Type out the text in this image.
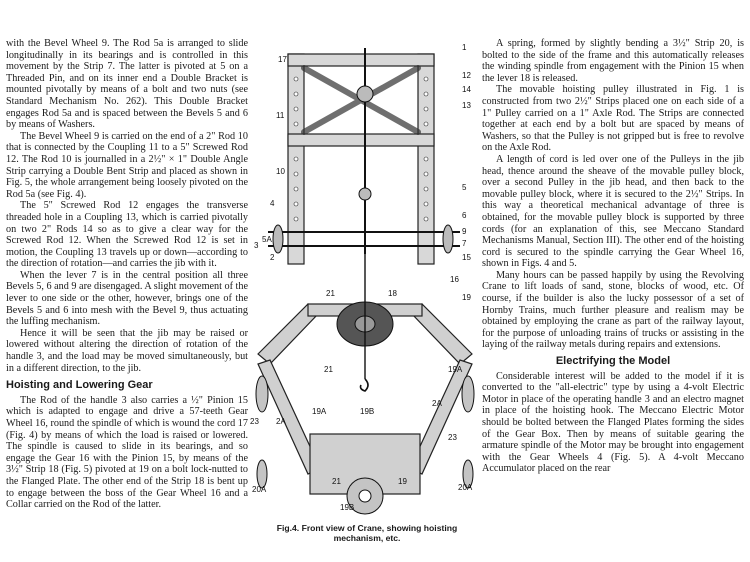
with the Bevel Wheel 9. The Rod 5a is arranged to slide longitudinally in its bearings and is controlled in this movement by the Strip 7. The latter is pivoted at 5 on a Threaded Pin, and on its inner end a Double Bracket is mounted pivotally by means of a bolt and two nuts (see Standard Mechanism No. 262). This Double Bracket engages Rod 5a and is spaced between the Bevels 5 and 6 by means of Washers.

The Bevel Wheel 9 is carried on the end of a 2" Rod 10 that is connected by the Coupling 11 to a 5" Screwed Rod 12. The Rod 10 is journalled in a 2½" × 1" Double Angle Strip carrying a Double Bent Strip and placed as shown in Fig. 5, the whole arrangement being loosely pivoted on the Rod 5a (see Fig. 4).

The 5" Screwed Rod 12 engages the transverse threaded hole in a Coupling 13, which is carried pivotally on two 2" Rods 14 so as to give a clear way for the Screwed Rod 12. When the Screwed Rod 12 is set in motion, the Coupling 13 travels up or down—according to the direction of rotation—and carries the jib with it.

When the lever 7 is in the central position all three Bevels 5, 6 and 9 are disengaged. A slight movement of the lever to one side or the other, however, brings one of the Bevels 5 and 6 into mesh with the Bevel 9, thus actuating the luffing mechanism.

Hence it will be seen that the jib may be raised or lowered without altering the direction of rotation of the handle 3, and the load may be moved simultaneously, but in a different direction, to the jib.

Hoisting and Lowering Gear

The Rod of the handle 3 also carries a ½" Pinion 15 which is adapted to engage and drive a 57-teeth Gear Wheel 16, round the spindle of which is wound the cord 17 (Fig. 4) by means of which the load is raised or lowered. The spindle is caused to slide in its bearings, and so engage the Gear 16 with the Pinion 15, by means of the 3½" Strip 18 (Fig. 5) pivoted at 19 on a bolt lock-nutted to the Flanged Plate. The other end of the Strip 18 is bent up to engage between the boss of the Gear Wheel 16 and a Collar carried on the Rod of the latter.

17
1
12
14
13
11
10
4
5
6
9
7
3
5A
2	15
16
21	18	19
19A
19B
2A
23
20A
21
19B
19
20A
21
23 2A
19A
Fig.4. Front view of Crane, showing hoisting mechanism, etc.

A spring, formed by slightly bending a 3½" Strip 20, is bolted to the side of the frame and this automatically releases the winding spindle from engagement with the Pinion 15 when the lever 18 is released.

The movable hoisting pulley illustrated in Fig. 1 is constructed from two 2½" Strips placed one on each side of a 1" Pulley carried on a 1" Axle Rod. The Strips are connected together at each end by a bolt but are spaced by means of Washers, so that the Pulley is not gripped but is free to revolve on the Axle Rod.

A length of cord is led over one of the Pulleys in the jib head, thence around the sheave of the movable pulley block, over a second Pulley in the jib head, and then back to the movable pulley block, where it is secured to the 2½" Strips. In this way a theoretical mechanical advantage of three is obtained, for the movable pulley block is supported by three cords (for an explanation of this, see Meccano Standard Mechanisms Manual, Section III). The other end of the hoisting cord is secured to the spindle carrying the Gear Wheel 16, shown in Figs. 4 and 5.

Many hours can be passed happily by using the Revolving Crane to lift loads of sand, stone, blocks of wood, etc. Of course, if the builder is also the lucky possessor of a set of Hornby Trains, much further pleasure and realism may be obtained by employing the crane as part of the railway layout, for the purpose of unloading trains of trucks or assisting in the laying of the railway metals during repairs and extensions.

Electrifying the Model

Considerable interest will be added to the model if it is converted to the "all-electric" type by using a 4-volt Electric Motor in place of the operating handle 3 and an electro magnet in place of the hoisting hook. The Meccano Electric Motor should be bolted between the Flanged Plates forming the sides of the Gear Box. Then by means of suitable gearing the armature spindle of the Motor may be brought into engagement with the Gear Wheels 4 (Fig. 5). A 4-volt Meccano Accumulator placed on the rear
